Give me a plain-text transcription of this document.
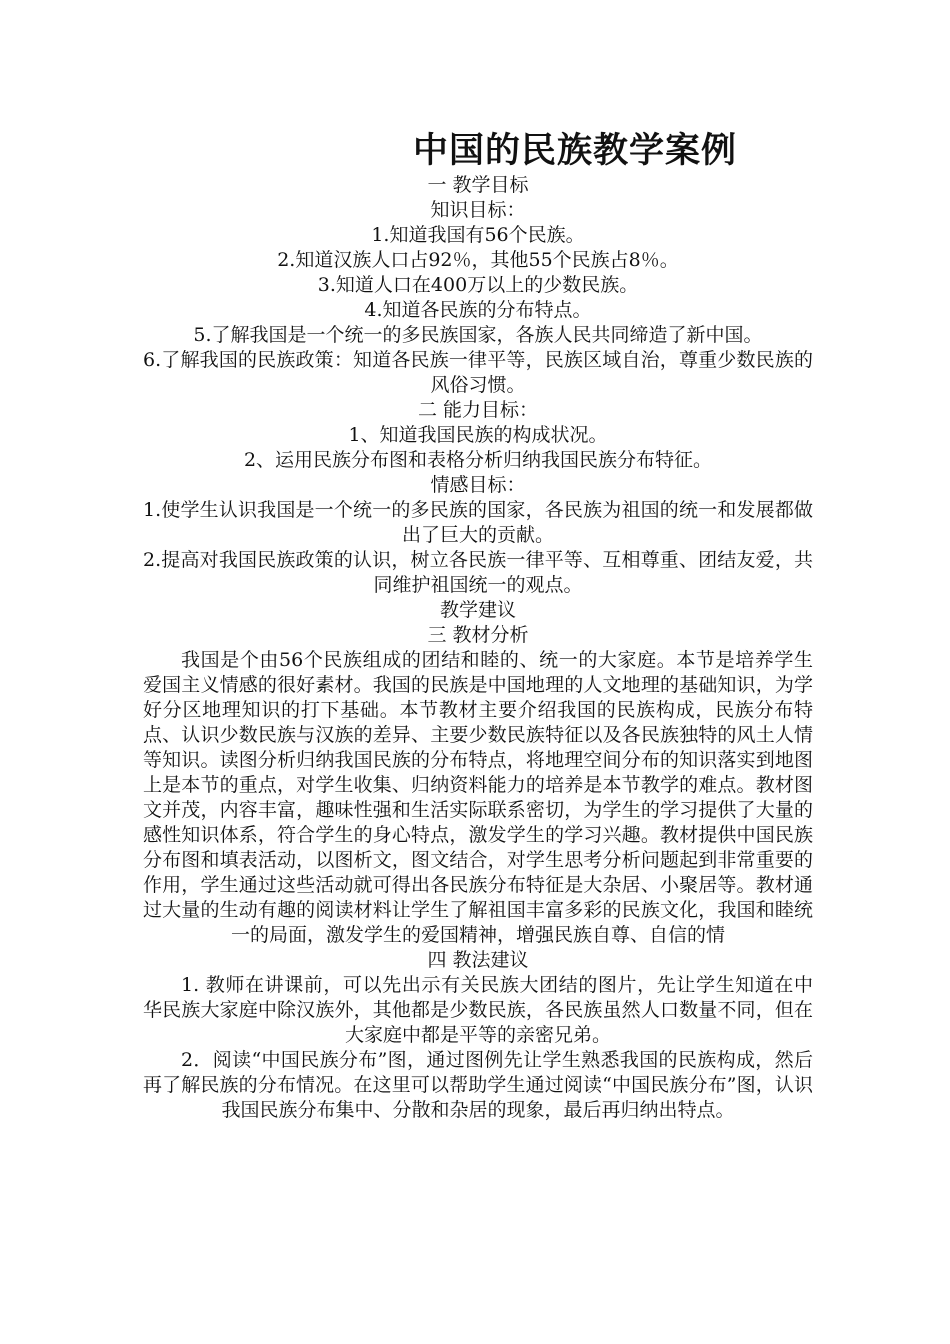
中国的民族教学案例

一 教学目标

知识目标：

1.知道我国有56个民族。

2.知道汉族人口占92％，其他55个民族占8％。

3.知道人口在400万以上的少数民族。

4.知道各民族的分布特点。

5.了解我国是一个统一的多民族国家，各族人民共同缔造了新中国。

6.了解我国的民族政策：知道各民族一律平等，民族区域自治，尊重少数民族的风俗习惯。

二 能力目标：

1、知道我国民族的构成状况。

2、运用民族分布图和表格分析归纳我国民族分布特征。

情感目标：

1.使学生认识我国是一个统一的多民族的国家，各民族为祖国的统一和发展都做出了巨大的贡献。

2.提高对我国民族政策的认识，树立各民族一律平等、互相尊重、团结友爱，共同维护祖国统一的观点。

教学建议

三 教材分析

我国是个由56个民族组成的团结和睦的、统一的大家庭。本节是培养学生爱国主义情感的很好素材。我国的民族是中国地理的人文地理的基础知识，为学好分区地理知识的打下基础。本节教材主要介绍我国的民族构成，民族分布特点、认识少数民族与汉族的差异、主要少数民族特征以及各民族独特的风土人情等知识。读图分析归纳我国民族的分布特点，将地理空间分布的知识落实到地图上是本节的重点，对学生收集、归纳资料能力的培养是本节教学的难点。教材图文并茂，内容丰富，趣味性强和生活实际联系密切，为学生的学习提供了大量的感性知识体系，符合学生的身心特点，激发学生的学习兴趣。教材提供中国民族分布图和填表活动，以图析文，图文结合，对学生思考分析问题起到非常重要的作用，学生通过这些活动就可得出各民族分布特征是大杂居、小聚居等。教材通过大量的生动有趣的阅读材料让学生了解祖国丰富多彩的民族文化，我国和睦统一的局面，激发学生的爱国精神，增强民族自尊、自信的情

四 教法建议

1. 教师在讲课前，可以先出示有关民族大团结的图片，先让学生知道在中华民族大家庭中除汉族外，其他都是少数民族，各民族虽然人口数量不同，但在大家庭中都是平等的亲密兄弟。

2．阅读“中国民族分布”图，通过图例先让学生熟悉我国的民族构成，然后再了解民族的分布情况。在这里可以帮助学生通过阅读“中国民族分布”图，认识我国民族分布集中、分散和杂居的现象，最后再归纳出特点。
